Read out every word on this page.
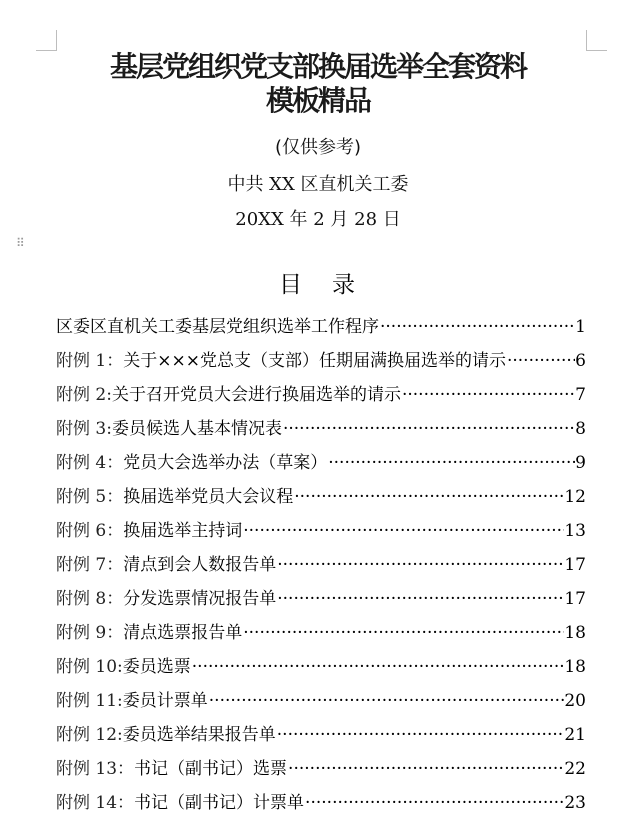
⠿
基层党组织党支部换届选举全套资料
模板精品
(仅供参考)
中共 XX 区直机关工委
20XX 年 2 月 28 日
目录
区委区直机关工委基层党组织选举工作程序 ·····	1
附例 1：关于×××党总支（支部）任期届满换届选举的请示 ·····	6
附例 2:关于召开党员大会进行换届选举的请示 ·····	7
附例 3:委员候选人基本情况表 ·····	8
附例 4：党员大会选举办法（草案） ·····	9
附例 5：换届选举党员大会议程 ·····	12
附例 6：换届选举主持词 ·····	13
附例 7：清点到会人数报告单 ·····	17
附例 8：分发选票情况报告单 ·····	17
附例 9：清点选票报告单 ·····	18
附例 10:委员选票 ·····	18
附例 11:委员计票单 ·····	20
附例 12:委员选举结果报告单 ·····	21
附例 13：书记（副书记）选票 ·····	22
附例 14：书记（副书记）计票单 ·····	23
